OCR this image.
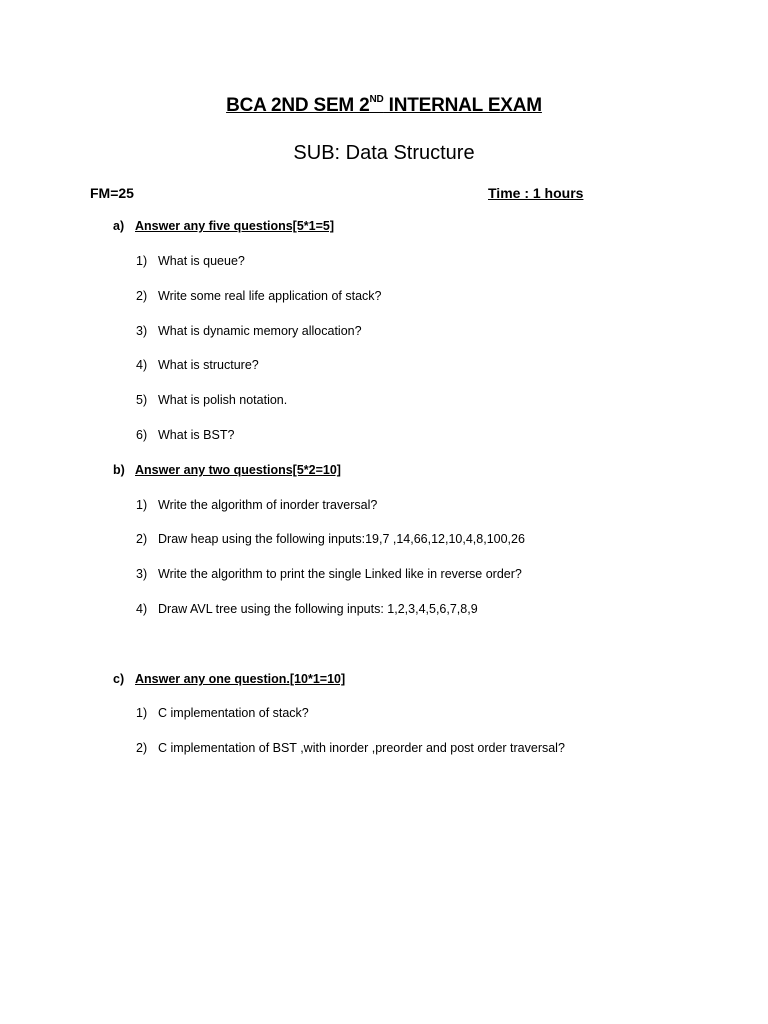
BCA 2ND SEM 2ND INTERNAL EXAM
SUB: Data Structure
FM=25	Time : 1 hours
a) Answer any five questions[5*1=5]
1) What is queue?
2) Write some real life application of stack?
3) What is dynamic memory allocation?
4) What is structure?
5) What is polish notation.
6) What is BST?
b) Answer any two questions[5*2=10]
1) Write the algorithm of inorder traversal?
2) Draw heap using the following inputs:19,7 ,14,66,12,10,4,8,100,26
3) Write the algorithm to print the single Linked like in reverse order?
4) Draw AVL tree using the following inputs: 1,2,3,4,5,6,7,8,9
c) Answer any one question.[10*1=10]
1) C implementation of stack?
2) C implementation of BST ,with inorder ,preorder and post order traversal?
